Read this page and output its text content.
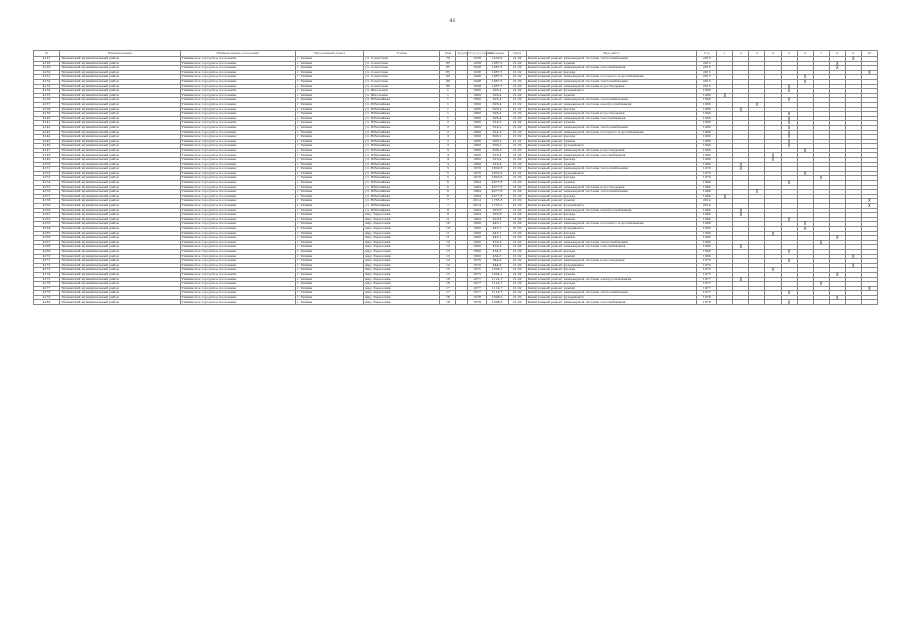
41
№	Наименование	Наименование поселения	Населенный пункт	Улица	Дом	Корпус	Год постройки	Площадь	Дата	Вид работ	Год	1	2	3	4	5	6	7	8	9	10
4127	Тихвинский муниципальный район	Тихвинское городское поселение	г. Тихвин	ул. Советская	79		1938	1409,4	21.02	Капитальный ремонт инженерной системы теплоснабжения	2015									X	
4128	Тихвинский муниципальный район	Тихвинское городское поселение	г. Тихвин	ул. Советская	85		1938	1987,5	21.02	Капитальный ремонт крыши	2015								X		
4129	Тихвинский муниципальный район	Тихвинское городское поселение	г. Тихвин	ул. Советская	85		1938	1987,5	21.02	Капитальный ремонт инженерной системы газоснабжения	2015								X		
4130	Тихвинский муниципальный район	Тихвинское городское поселение	г. Тихвин	ул. Советская	85		1938	1987,5	21.02	Капитальный ремонт фасада	2015										X
4131	Тихвинский муниципальный район	Тихвинское городское поселение	г. Тихвин	ул. Советская	90		1948	1987,5	21.02	Капитальный ремонт инженерной системы холодного водоснабжения	2015						X				
4132	Тихвинский муниципальный район	Тихвинское городское поселение	г. Тихвин	ул. Советская	90		1948	1987,5	21.02	Капитальный ремонт инженерной системы теплоснабжения	2015						X				
4133	Тихвинский муниципальный район	Тихвинское городское поселение	г. Тихвин	ул. Советская	90		1948	1987,5	21.02	Капитальный ремонт инженерной системы водоотведения	2015					X					
4134	Тихвинский муниципальный район	Тихвинское городское поселение	г. Тихвин	ул. Школьная	1		1960	626,4	21.02	Капитальный ремонт фундамента	1960					X					
4135	Тихвинский муниципальный район	Тихвинское городское поселение	г. Тихвин	ул. Школьная	1		1960	626,4	21.02	Капитальный ремонт крыши	1960	X									
4136	Тихвинский муниципальный район	Тихвинское городское поселение	г. Тихвин	ул. Юбилейная	1		1960	626,4	21.02	Капитальный ремонт инженерной системы теплоснабжения	1960					X					
4137	Тихвинский муниципальный район	Тихвинское городское поселение	г. Тихвин	ул. Юбилейная	1		1960	626,4	21.02	Капитальный ремонт инженерной системы электроснабжения	1960			X							
4138	Тихвинский муниципальный район	Тихвинское городское поселение	г. Тихвин	ул. Юбилейная	1		1960	626,4	21.02	Капитальный ремонт фасада	1960		X								
4139	Тихвинский муниципальный район	Тихвинское городское поселение	г. Тихвин	ул. Юбилейная	1		1960	626,4	21.02	Капитальный ремонт инженерной системы водоотведения	1960					X					
4140	Тихвинский муниципальный район	Тихвинское городское поселение	г. Тихвин	ул. Юбилейная	1		1960	626,4	21.02	Капитальный ремонт инженерной системы газоснабжения	1960					X					
4141	Тихвинский муниципальный район	Тихвинское городское поселение	г. Тихвин	ул. Юбилейная	2		1960	614,2	21.02	Капитальный ремонт крыши	1960					X					
4142	Тихвинский муниципальный район	Тихвинское городское поселение	г. Тихвин	ул. Юбилейная	2		1960	614,2	21.02	Капитальный ремонт инженерной системы теплоснабжения	1960					X					
4143	Тихвинский муниципальный район	Тихвинское городское поселение	г. Тихвин	ул. Юбилейная	2		1960	614,2	21.02	Капитальный ремонт инженерной системы холодного водоснабжения	1960					X					
4144	Тихвинский муниципальный район	Тихвинское городское поселение	г. Тихвин	ул. Юбилейная	3		1960	606,2	21.02	Капитальный ремонт фасада	1960					X					
4145	Тихвинский муниципальный район	Тихвинское городское поселение	г. Тихвин	ул. Юбилейная	3		1960	606,2	21.02	Капитальный ремонт крыши	1960					X					
4146	Тихвинский муниципальный район	Тихвинское городское поселение	г. Тихвин	ул. Юбилейная	3		1960	606,2	21.02	Капитальный ремонт фундамента	1960					X					
4147	Тихвинский муниципальный район	Тихвинское городское поселение	г. Тихвин	ул. Юбилейная	3		1960	606,2	21.02	Капитальный ремонт инженерной системы водоотведения	1960						X				
4148	Тихвинский муниципальный район	Тихвинское городское поселение	г. Тихвин	ул. Юбилейная	4		1960	616,4	21.02	Капитальный ремонт инженерной системы газоснабжения	1960				X						
4149	Тихвинский муниципальный район	Тихвинское городское поселение	г. Тихвин	ул. Юбилейная	4		1960	616,4	21.02	Капитальный ремонт фасада	1960				X						
4150	Тихвинский муниципальный район	Тихвинское городское поселение	г. Тихвин	ул. Юбилейная	4		1960	616,4	21.02	Капитальный ремонт крыши	1960		X								
4151	Тихвинский муниципальный район	Тихвинское городское поселение	г. Тихвин	ул. Юбилейная	5		1970	1802,6	21.02	Капитальный ремонт инженерной системы теплоснабжения	1970		X								
4152	Тихвинский муниципальный район	Тихвинское городское поселение	г. Тихвин	ул. Юбилейная	5		1970	1802,6	21.02	Капитальный ремонт фундамента	1970						X				
4153	Тихвинский муниципальный район	Тихвинское городское поселение	г. Тихвин	ул. Юбилейная	5		1970	1802,6	21.02	Капитальный ремонт фасада	1970							X			
4154	Тихвинский муниципальный район	Тихвинское городское поселение	г. Тихвин	ул. Юбилейная	6		1984	4077,8	21.02	Капитальный ремонт крыши	1984					X					
4155	Тихвинский муниципальный район	Тихвинское городское поселение	г. Тихвин	ул. Юбилейная	6		1984	4077,8	21.02	Капитальный ремонт инженерной системы водоотведения	1984										
4156	Тихвинский муниципальный район	Тихвинское городское поселение	г. Тихвин	ул. Юбилейная	6		1984	4077,8	21.02	Капитальный ремонт инженерной системы теплоснабжения	1984			X							
4157	Тихвинский муниципальный район	Тихвинское городское поселение	г. Тихвин	ул. Юбилейная	6		1984	4077,8	21.02	Капитальный ремонт фасада	1984	X									
4158	Тихвинский муниципальный район	Тихвинское городское поселение	г. Тихвин	ул. Юбилейная	7		2014	1765,3	21.02	Капитальный ремонт крыши	2014										X
4159	Тихвинский муниципальный район	Тихвинское городское поселение	г. Тихвин	ул. Юбилейная	7		2014	1765,3	21.02	Капитальный ремонт фундамента	2014										X
4160	Тихвинский муниципальный район	Тихвинское городское поселение	г. Тихвин	ул. Юбилейная	8		1964	623,8	21.02	Капитальный ремонт инженерной системы электроснабжения	1964		X								
4161	Тихвинский муниципальный район	Тихвинское городское поселение	г. Тихвин	мкр. Березовик	9		1964	623,8	21.02	Капитальный ремонт фасада	1964		X								
4162	Тихвинский муниципальный район	Тихвинское городское поселение	г. Тихвин	мкр. Березовик	9		1964	623,8	21.02	Капитальный ремонт крыши	1964					X					
4163	Тихвинский муниципальный район	Тихвинское городское поселение	г. Тихвин	мкр. Березовик	10		1960	445,1	21.02	Капитальный ремонт инженерной системы холодного водоснабжения	1960						X				
4164	Тихвинский муниципальный район	Тихвинское городское поселение	г. Тихвин	мкр. Березовик	10		1960	445,1	21.02	Капитальный ремонт фундамента	1960						X				
4165	Тихвинский муниципальный район	Тихвинское городское поселение	г. Тихвин	мкр. Березовик	11		1960	445,1	21.02	Капитальный ремонт фасада	1960				X						
4166	Тихвинский муниципальный район	Тихвинское городское поселение	г. Тихвин	мкр. Березовик	11		1960	445,1	21.02	Капитальный ремонт крыши	1960								X		
4167	Тихвинский муниципальный район	Тихвинское городское поселение	г. Тихвин	мкр. Березовик	12		1960	455,2	21.02	Капитальный ремонт инженерной системы теплоснабжения	1960							X			
4168	Тихвинский муниципальный район	Тихвинское городское поселение	г. Тихвин	мкр. Березовик	12		1960	455,2	21.02	Капитальный ремонт инженерной системы газоснабжения	1960		X								
4169	Тихвинский муниципальный район	Тихвинское городское поселение	г. Тихвин	мкр. Березовик	13		1960	454,5	21.02	Капитальный ремонт фасада	1960					X					
4170	Тихвинский муниципальный район	Тихвинское городское поселение	г. Тихвин	мкр. Березовик	13		1960	454,5	21.02	Капитальный ремонт крыши	1960									X	
4171	Тихвинский муниципальный район	Тихвинское городское поселение	г. Тихвин	мкр. Березовик	14		1970	644,6	21.02	Капитальный ремонт инженерной системы водоотведения	1970					X					
4172	Тихвинский муниципальный район	Тихвинское городское поселение	г. Тихвин	мкр. Березовик	14		1970	644,6	21.02	Капитальный ремонт фундамента	1970									X	
4173	Тихвинский муниципальный район	Тихвинское городское поселение	г. Тихвин	мкр. Березовик	15		1975	1004,1	21.02	Капитальный ремонт фасада	1975				X						
4174	Тихвинский муниципальный район	Тихвинское городское поселение	г. Тихвин	мкр. Березовик	15		1975	1004,1	21.02	Капитальный ремонт крыши	1975								X		
4175	Тихвинский муниципальный район	Тихвинское городское поселение	г. Тихвин	мкр. Березовик	16		1977	1114,7	21.02	Капитальный ремонт инженерной системы электроснабжения	1977		X								
4176	Тихвинский муниципальный район	Тихвинское городское поселение	г. Тихвин	мкр. Березовик	16		1977	1114,7	21.02	Капитальный ремонт фасада	1977							X			
4177	Тихвинский муниципальный район	Тихвинское городское поселение	г. Тихвин	мкр. Березовик	17		1977	1114,7	21.02	Капитальный ремонт крыши	1977										X
4178	Тихвинский муниципальный район	Тихвинское городское поселение	г. Тихвин	мкр. Березовик	17		1977	1114,7	21.02	Капитальный ремонт инженерной системы теплоснабжения	1977					X					
4179	Тихвинский муниципальный район	Тихвинское городское поселение	г. Тихвин	мкр. Березовик	18		1978	1098,3	21.02	Капитальный ремонт фундамента	1978								X		
4180	Тихвинский муниципальный район	Тихвинское городское поселение	г. Тихвин	мкр. Березовик	18		1978	1098,3	21.02	Капитальный ремонт инженерной системы газоснабжения	1978					X					
